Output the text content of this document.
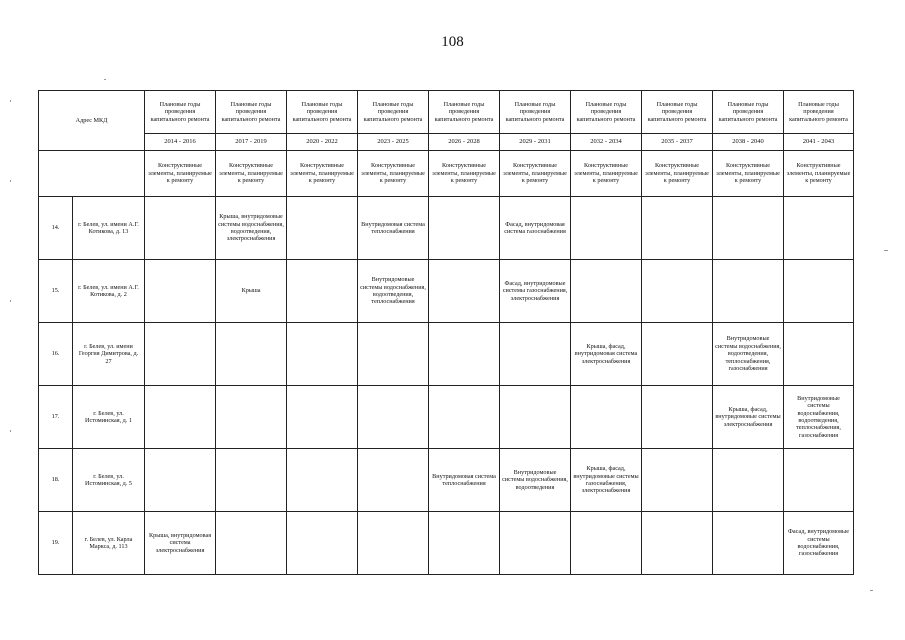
108
Адрес МКД		Плановые годы проведения капитального ремонта	Плановые годы проведения капитального ремонта	Плановые годы проведения капитального ремонта	Плановые годы проведения капитального ремонта	Плановые годы проведения капитального ремонта	Плановые годы проведения капитального ремонта	Плановые годы проведения капитального ремонта	Плановые годы проведения капитального ремонта	Плановые годы проведения капитального ремонта	Плановые годы проведения капитального ремонта
		2014 - 2016	2017 - 2019	2020 - 2022	2023 - 2025	2026 - 2028	2029 - 2031	2032 - 2034	2035 - 2037	2038 - 2040	2041 - 2043
		Конструктивные элементы, планируемые к ремонту	Конструктивные элементы, планируемые к ремонту	Конструктивные элементы, планируемые к ремонту	Конструктивные элементы, планируемые к ремонту	Конструктивные элементы, планируемые к ремонту	Конструктивные элементы, планируемые к ремонту	Конструктивные элементы, планируемые к ремонту	Конструктивные элементы, планируемые к ремонту	Конструктивные элементы, планируемые к ремонту	Конструктивные элементы, планируемые к ремонту
14.	г. Белев, ул. имени А.Г. Котикова, д. 13		Крыша, внутридомовые системы водоснабжения, водоотведения, электроснабжения		Внутридомовая система теплоснабжения		Фасад, внутридомовая система газоснабжения				
15.	г. Белев, ул. имени А.Г. Котикова, д. 2		Крыша		Внутридомовые системы водоснабжения, водоотведения, теплоснабжения		Фасад, внутридомовые системы газоснабжения, электроснабжения				
16.	г. Белев, ул. имени Георгия Димитрова, д. 27							Крыша, фасад, внутридомовая система электроснабжения		Внутридомовые системы водоснабжения, водоотведения, теплоснабжения, газоснабжения	
17.	г. Белев, ул. Истоминская, д. 1									Крыша, фасад, внутридомовые системы электроснабжения	Внутридомовые системы водоснабжения, водоотведения, теплоснабжения, газоснабжения
18.	г. Белев, ул. Истоминская, д. 5					Внутридомовая система теплоснабжения	Внутридомовые системы водоснабжения, водоотведения	Крыша, фасад, внутридомовые системы газоснабжения, электроснабжения			
19.	г. Белев, ул. Карла Маркса, д. 113	Крыша, внутридомовая система электроснабжения									Фасад, внутридомовые системы водоснабжения, газоснабжения
